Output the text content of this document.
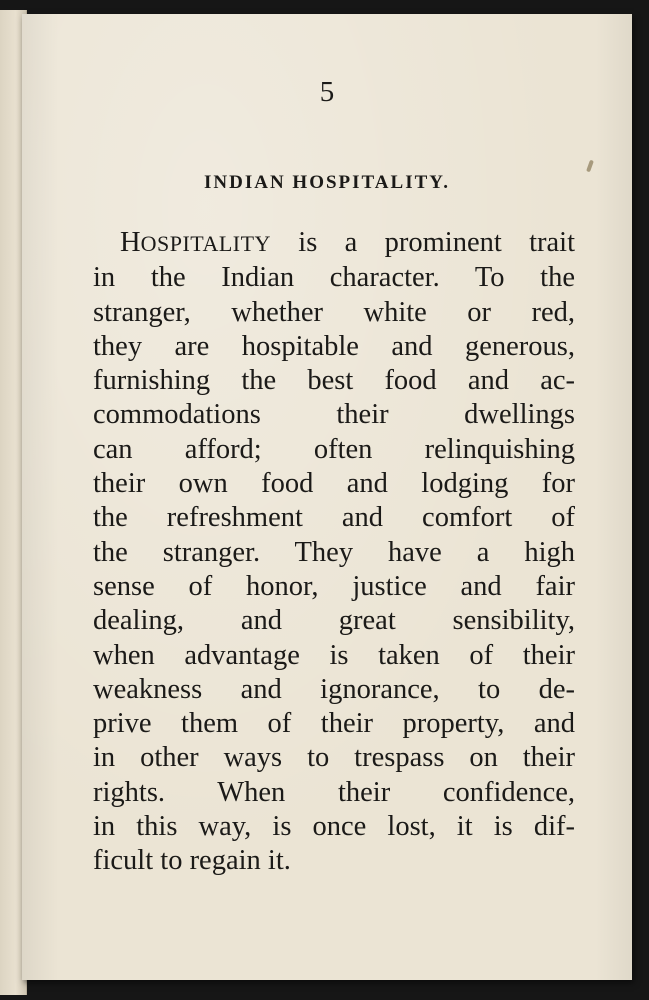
5
INDIAN HOSPITALITY.
HOSPITALITY is a prominent trait
in the Indian character. To the
stranger, whether white or red,
they are hospitable and generous,
furnishing the best food and ac-
commodations their dwellings
can afford; often relinquishing
their own food and lodging for
the refreshment and comfort of
the stranger. They have a high
sense of honor, justice and fair
dealing, and great sensibility,
when advantage is taken of their
weakness and ignorance, to de-
prive them of their property, and
in other ways to trespass on their
rights. When their confidence,
in this way, is once lost, it is dif-
ficult to regain it.
